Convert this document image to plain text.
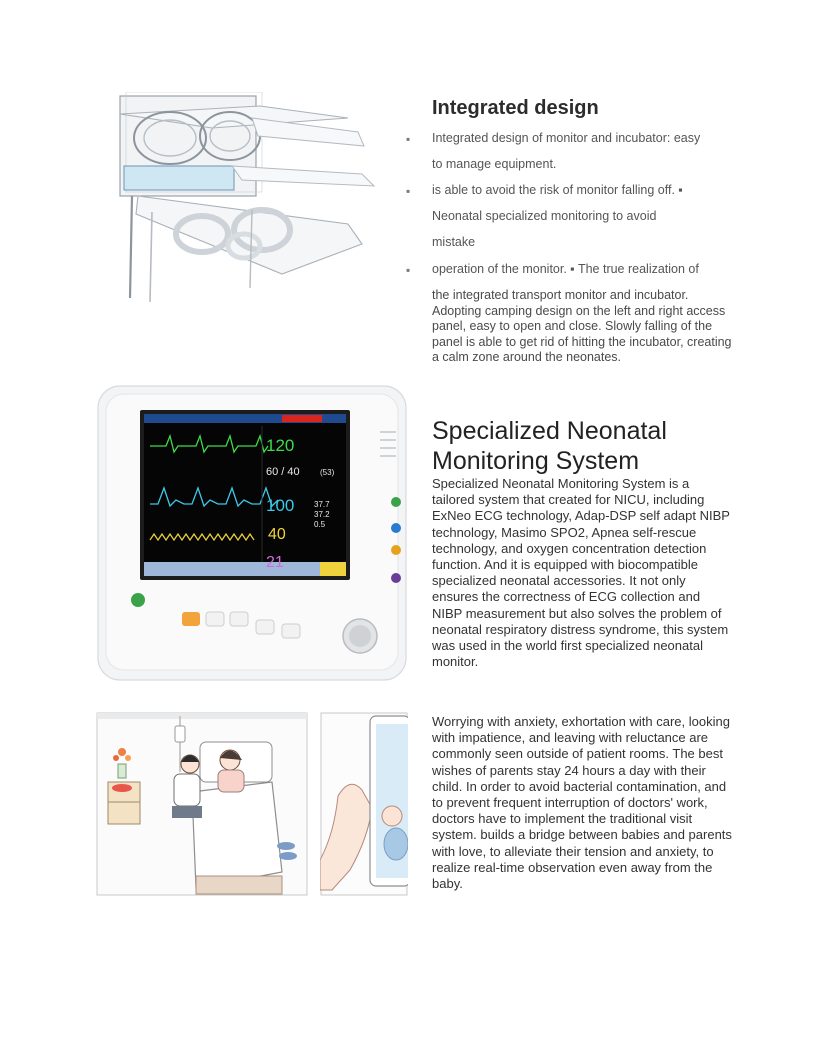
Integrated design
▪ Integrated design of monitor and incubator: easy
to manage equipment.
▪ is able to avoid the risk of monitor falling off. ▪
Neonatal specialized monitoring to avoid
mistake
▪ operation of the monitor. ▪ The true realization of

the integrated transport monitor and incubator. Adopting camping design on the left and right access panel, easy to open and close. Slowly falling of the panel is able to get rid of hitting the incubator, creating a calm zone around the neonates.

120
60 / 40	(53)
100 37.7
37.2
0.5
40
21
Specialized Neonatal
Monitoring System

Specialized Neonatal Monitoring System is a tailored system that created for NICU, including ExNeo ECG technology, Adap-DSP self adapt NIBP technology, Masimo SPO2, Apnea self-rescue technology, and oxygen concentration detection function. And it is equipped with biocompatible specialized neonatal accessories. It not only ensures the correctness of ECG collection and NIBP measurement but also solves the problem of neonatal respiratory distress syndrome, this system was used in the world first specialized neonatal monitor.

Worrying with anxiety, exhortation with care, looking with impatience, and leaving with reluctance are commonly seen outside of patient rooms. The best wishes of parents stay 24 hours a day with their child. In order to avoid bacterial contamination, and to prevent frequent interruption of doctors' work, doctors have to implement the traditional visit system. builds a bridge between babies and parents with love, to alleviate their tension and anxiety, to realize real-time observation even away from the baby.
